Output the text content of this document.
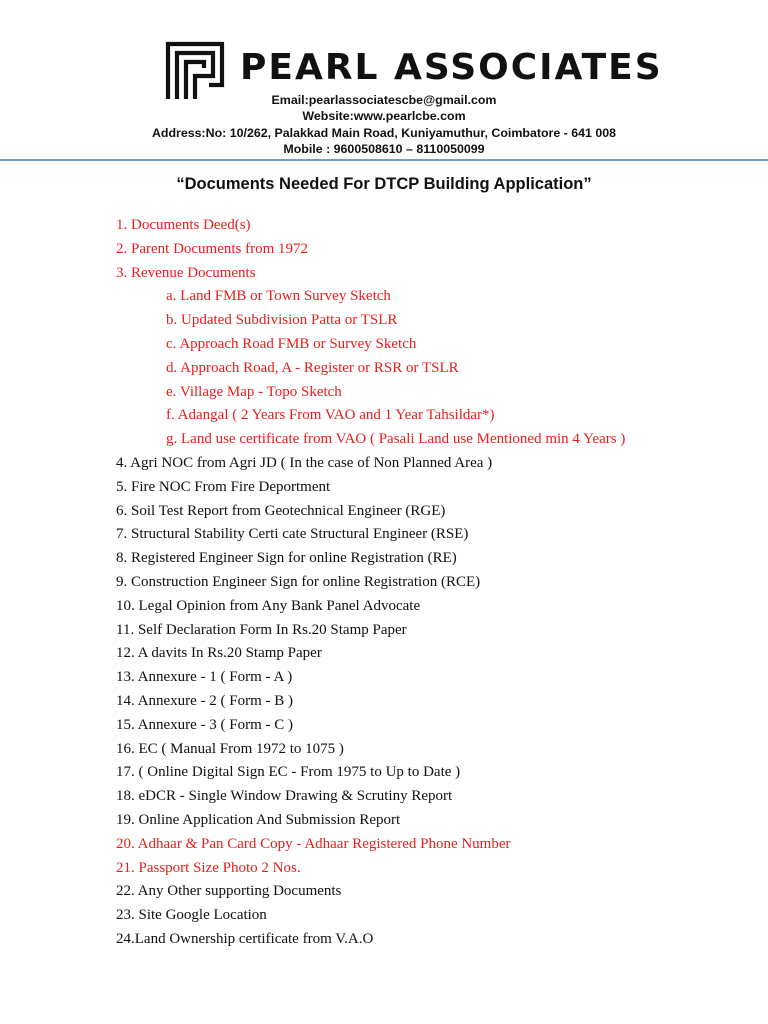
PEARL ASSOCIATES
Email:pearlassociatescbe@gmail.com
Website:www.pearlcbe.com
Address:No: 10/262, Palakkad Main Road, Kuniyamuthur, Coimbatore - 641 008
Mobile : 9600508610 – 8110050099
“Documents Needed For DTCP Building Application”
1. Documents Deed(s)
2. Parent Documents from 1972
3. Revenue Documents
a. Land FMB or Town Survey Sketch
b. Updated Subdivision Patta or TSLR
c. Approach Road FMB or Survey Sketch
d. Approach Road, A - Register or RSR or TSLR
e. Village Map - Topo Sketch
f. Adangal ( 2 Years From VAO and 1 Year Tahsildar*)
g. Land use certificate from VAO ( Pasali Land use Mentioned min 4 Years )
4. Agri NOC from Agri JD ( In the case of Non Planned Area )
5. Fire NOC From Fire Deportment
6. Soil Test Report from Geotechnical Engineer (RGE)
7. Structural Stability Certi cate Structural Engineer (RSE)
8. Registered Engineer Sign for online Registration (RE)
9. Construction Engineer Sign for online Registration (RCE)
10. Legal Opinion from Any Bank Panel Advocate
11. Self Declaration Form In Rs.20 Stamp Paper
12. A davits In Rs.20 Stamp Paper
13. Annexure - 1 ( Form - A )
14. Annexure - 2 ( Form - B )
15. Annexure - 3 ( Form - C )
16. EC ( Manual From 1972 to 1075 )
17. ( Online Digital Sign EC - From 1975 to Up to Date )
18. eDCR - Single Window Drawing & Scrutiny Report
19. Online Application And Submission Report
20. Adhaar & Pan Card Copy - Adhaar Registered Phone Number
21. Passport Size Photo 2 Nos.
22. Any Other supporting Documents
23. Site Google Location
24.Land Ownership certificate from V.A.O
